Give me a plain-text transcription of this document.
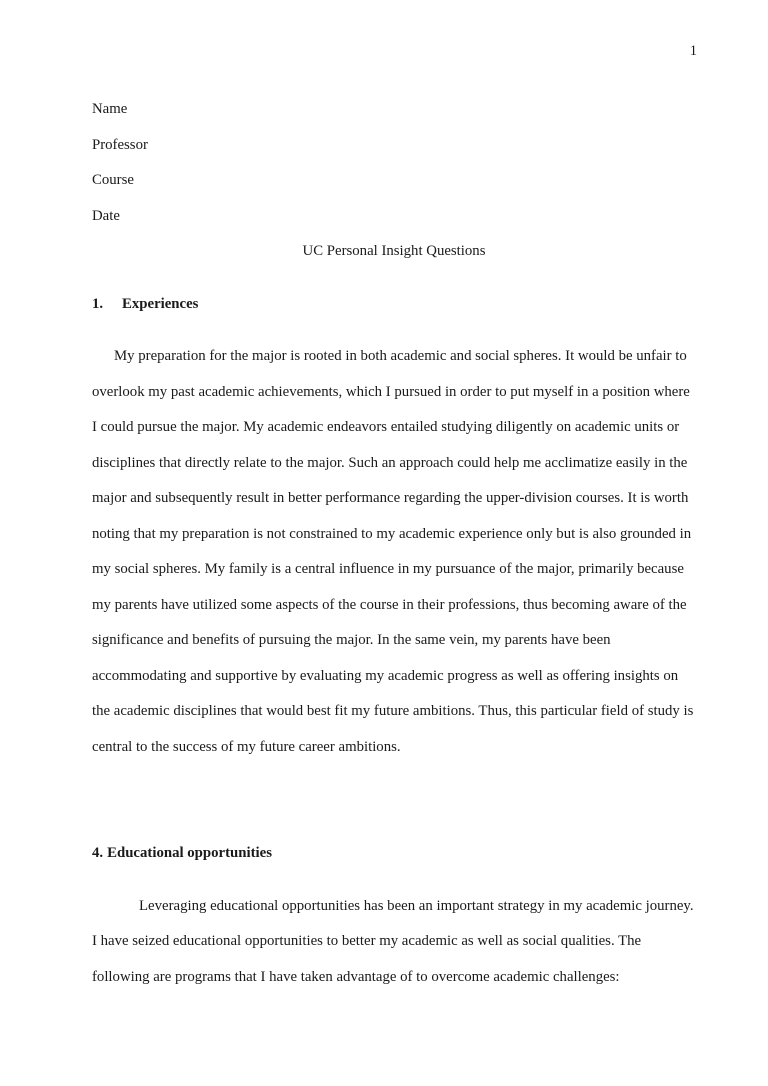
1

Name

Professor

Course

Date

UC Personal Insight Questions

1. Experiences

My preparation for the major is rooted in both academic and social spheres. It would be unfair to overlook my past academic achievements, which I pursued in order to put myself in a position where I could pursue the major. My academic endeavors entailed studying diligently on academic units or disciplines that directly relate to the major. Such an approach could help me acclimatize easily in the major and subsequently result in better performance regarding the upper-division courses. It is worth noting that my preparation is not constrained to my academic experience only but is also grounded in my social spheres. My family is a central influence in my pursuance of the major, primarily because my parents have utilized some aspects of the course in their professions, thus becoming aware of the significance and benefits of pursuing the major. In the same vein, my parents have been accommodating and supportive by evaluating my academic progress as well as offering insights on the academic disciplines that would best fit my future ambitions. Thus, this particular field of study is central to the success of my future career ambitions.

4. Educational opportunities

Leveraging educational opportunities has been an important strategy in my academic journey. I have seized educational opportunities to better my academic as well as social qualities. The following are programs that I have taken advantage of to overcome academic challenges:
